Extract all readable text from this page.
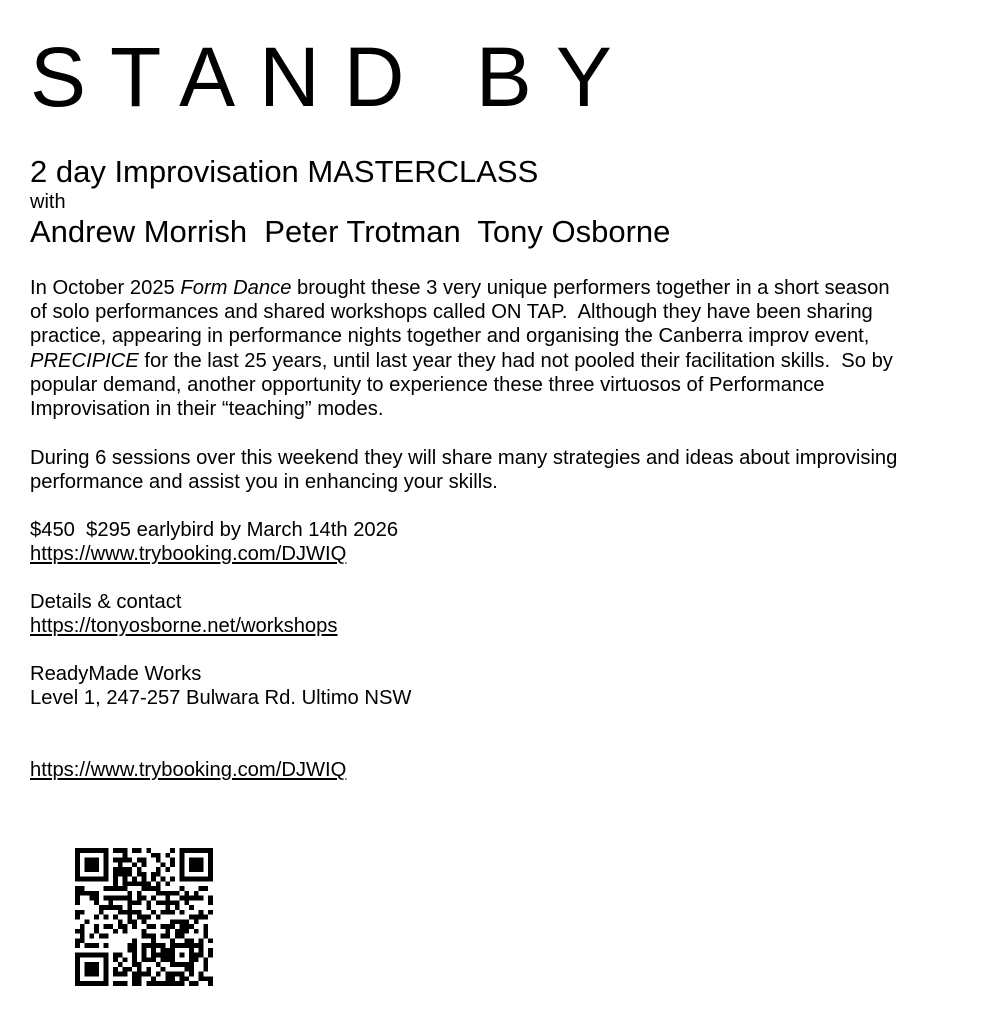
STAND BY
2 day Improvisation MASTERCLASS
with
Andrew Morrish Peter Trotman Tony Osborne
In October 2025 Form Dance brought these 3 very unique performers together in a short season
of solo performances and shared workshops called ON TAP.  Although they have been sharing
practice, appearing in performance nights together and organising the Canberra improv event,
PRECIPICE for the last 25 years, until last year they had not pooled their facilitation skills.  So by
popular demand, another opportunity to experience these three virtuosos of Performance
Improvisation in their “teaching” modes.
During 6 sessions over this weekend they will share many strategies and ideas about improvising
performance and assist you in enhancing your skills.
$450  $295 earlybird by March 14th 2026
https://www.trybooking.com/DJWIQ
Details & contact
https://tonyosborne.net/workshops
ReadyMade Works
Level 1, 247-257 Bulwara Rd. Ultimo NSW
https://www.trybooking.com/DJWIQ
